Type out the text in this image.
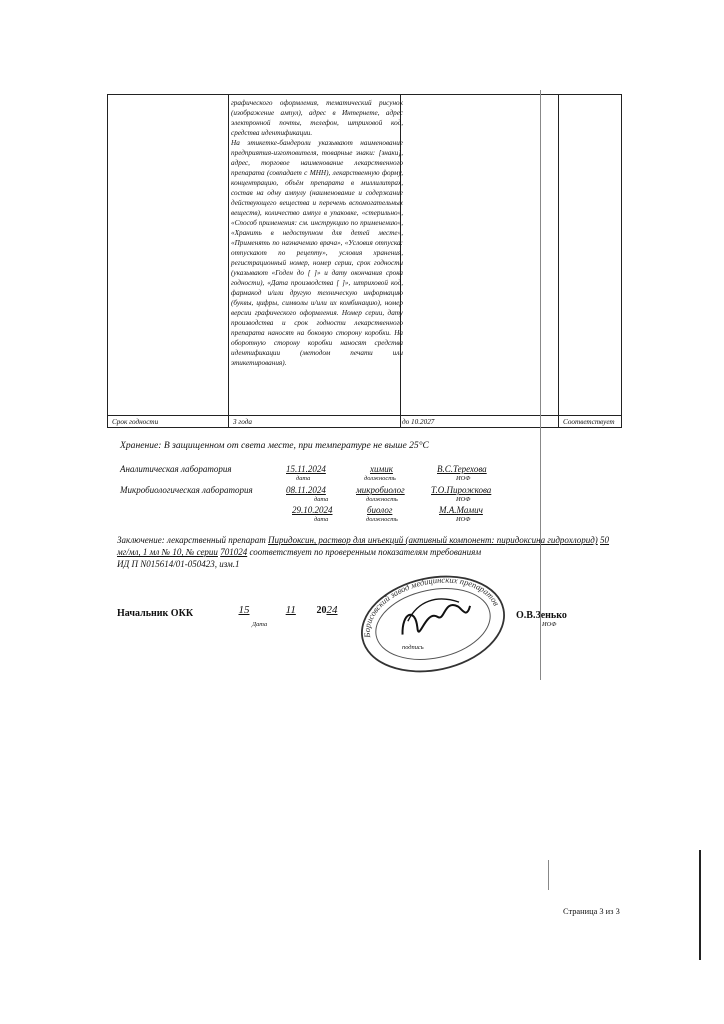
графического оформления, тематический рисунок (изображение ампул), адрес в Интернете, адрес электронной почты, телефон, штриховой код, средства идентификации.

На этикетке-бандероли указывают наименование предприятия-изготовителя, товарные знаки: [знаки], адрес, торговое наименование лекарственного препарата (совпадает с МНН), лекарственную форму, концентрацию, объём препарата в миллилитрах, состав на одну ампулу (наименование и содержание действующего вещества и перечень вспомогательных веществ), количество ампул в упаковке, «стерильно», «Способ применения: см. инструкцию по применению», «Хранить в недоступном для детей месте», «Применять по назначению врача», «Условия отпуска: отпускают по рецепту», условия хранения, регистрационный номер, номер серии, срок годности (указывают «Годен до [ ]» и дату окончания срока годности), «Дата производства [ ]», штриховой код, фармакод и/или другую техническую информацию (буквы, цифры, символы и/или их комбинацию), номер версии графического оформления. Номер серии, дату производства и срок годности лекарственного препарата наносят на боковую сторону коробки. На оборотную сторону коробки наносят средства идентификации (методом печати или этикетирования).

Срок годности	3 года	до 10.2027	Соответствует
Хранение: В защищенном от света месте, при температуре не выше 25°С
Аналитическая лаборатория	15.11.2024	химик	В.С.Терехова
дата	должность	ИОФ
Микробиологическая лаборатория	08.11.2024	микробиолог	Т.О.Пирожкова
дата	должность	ИОФ
29.10.2024	биолог	М.А.Мамич
дата	должность	ИОФ
Заключение: лекарственный препарат Пиридоксин, раствор для инъекций (активный компонент: пиридоксина гидрохлорид) 50 мг/мл, 1 мл № 10, № серии 701024 соответствует по проверенным показателям требованиям
ИД П N015614/01-050423, изм.1
Борисовский завод медицинских препаратов
Начальник ОКК	15	11 2024
Дата
подпись
О.В.Зенько
ИОФ
Страница 3 из 3
